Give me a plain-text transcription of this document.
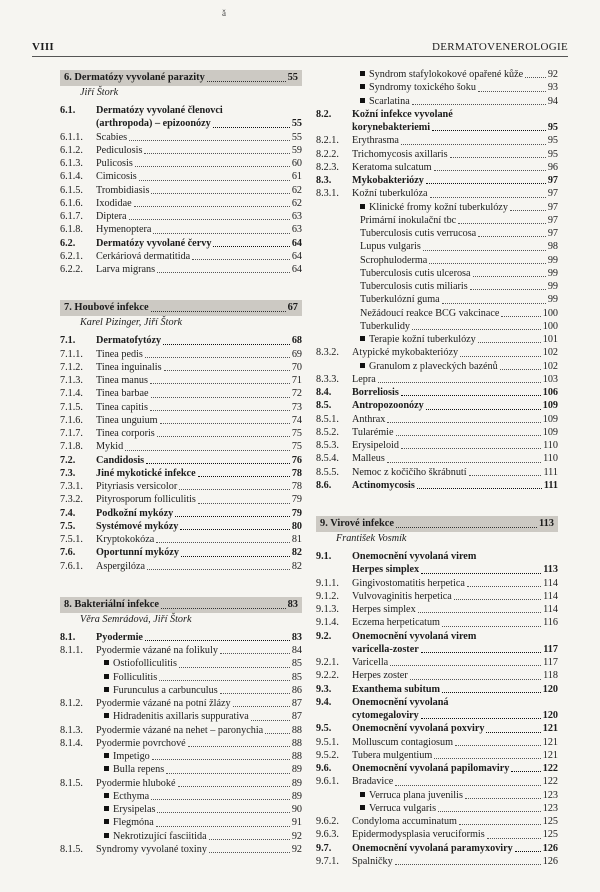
ǎ
VIII	DERMATOVENEROLOGIE
6. Dermatózy vyvolané parazity	55
Jiří Štork
6.1.	Dermatózy vyvolané členovci
(arthropoda) – epizoonózy	55
6.1.1.	Scabies	55
6.1.2.	Pediculosis	59
6.1.3.	Pulicosis	60
6.1.4.	Cimicosis	61
6.1.5.	Trombidiasis	62
6.1.6.	Ixodidae	62
6.1.7.	Diptera	63
6.1.8.	Hymenoptera	63
6.2.	Dermatózy vyvolané červy	64
6.2.1.	Cerkáriová dermatitida	64
6.2.2.	Larva migrans	64
7. Houbové infekce	67
Karel Pizinger, Jiří Štork
7.1.	Dermatofytózy	68
7.1.1.	Tinea pedis	69
7.1.2.	Tinea inguinalis	70
7.1.3.	Tinea manus	71
7.1.4.	Tinea barbae	72
7.1.5.	Tinea capitis	73
7.1.6.	Tinea unguium	74
7.1.7.	Tinea corporis	75
7.1.8.	Mykid	75
7.2.	Candidosis	76
7.3.	Jiné mykotické infekce	78
7.3.1.	Pityriasis versicolor	78
7.3.2.	Pityrosporum folliculitis	79
7.4.	Podkožní mykózy	79
7.5.	Systémové mykózy	80
7.5.1.	Kryptokokóza	81
7.6.	Oportunní mykózy	82
7.6.1.	Aspergilóza	82
8. Bakteriální infekce	83
Věra Semrádová, Jiří Štork
8.1.	Pyodermie	83
8.1.1.	Pyodermie vázané na folikuly	84
Ostiofolliculitis	85
Folliculitis	85
Furunculus a carbunculus	86
8.1.2.	Pyodermie vázané na potní žlázy	87
Hidradenitis axillaris suppurativa	87
8.1.3.	Pyodermie vázané na nehet – paronychia	88
8.1.4.	Pyodermie povrchové	88
Impetigo	88
Bulla repens	89
8.1.5.	Pyodermie hluboké	89
Ecthyma	89
Erysipelas	90
Flegmóna	91
Nekrotizující fasciitida	92
8.1.5.	Syndromy vyvolané toxiny	92
Syndrom stafylokokové opařené kůže 92
Syndromy toxického šoku	93
Scarlatina	94
8.2.	Kožní infekce vyvolané
korynebakteriemi	95
8.2.1.	Erythrasma	95
8.2.2.	Trichomycosis axillaris	95
8.2.3.	Keratoma sulcatum	96
8.3.	Mykobakteriózy	97
8.3.1.	Kožní tuberkulóza	97
Klinické fromy kožní tuberkulózy	97
Primární inokulační tbc	97
Tuberculosis cutis verrucosa	97
Lupus vulgaris	98
Scrophuloderma	99
Tuberculosis cutis ulcerosa	99
Tuberculosis cutis miliaris	99
Tuberkulózní guma	99
Nežádoucí reakce BCG vakcinace	100
Tuberkulidy	100
Terapie kožní tuberkulózy	101
8.3.2.	Atypické mykobakteriózy	102
Granulom z plaveckých bazénů	102
8.3.3.	Lepra	103
8.4.	Borreliosis	106
8.5.	Antropozoonózy	109
8.5.1.	Anthrax	109
8.5.2.	Tularémie	109
8.5.3.	Erysipeloid	110
8.5.4.	Malleus	110
8.5.5.	Nemoc z kočičího škrábnutí	111
8.6.	Actinomycosis	111
9. Virové infekce	113
František Vosmík
9.1.	Onemocnění vyvolaná virem
Herpes simplex	113
9.1.1.	Gingivostomatitis herpetica	114
9.1.2.	Vulvovaginitis herpetica	114
9.1.3.	Herpes simplex	114
9.1.4.	Eczema herpeticatum	116
9.2.	Onemocnění vyvolaná virem
varicella-zoster	117
9.2.1.	Varicella	117
9.2.2.	Herpes zoster	118
9.3.	Exanthema subitum	120
9.4.	Onemocnění vyvolaná
cytomegaloviry	120
9.5.	Onemocnění vyvolaná poxviry	121
9.5.1.	Molluscum contagiosum	121
9.5.2.	Tubera mulgentium	121
9.6.	Onemocnění vyvolaná papilomaviry	122
9.6.1.	Bradavice	122
Verruca plana juvenilis	123
Verruca vulgaris	123
9.6.2.	Condyloma accuminatum	125
9.6.3.	Epidermodysplasia veruciformis	125
9.7.	Onemocnění vyvolaná paramyxoviry	126
9.7.1.	Spalničky	126
